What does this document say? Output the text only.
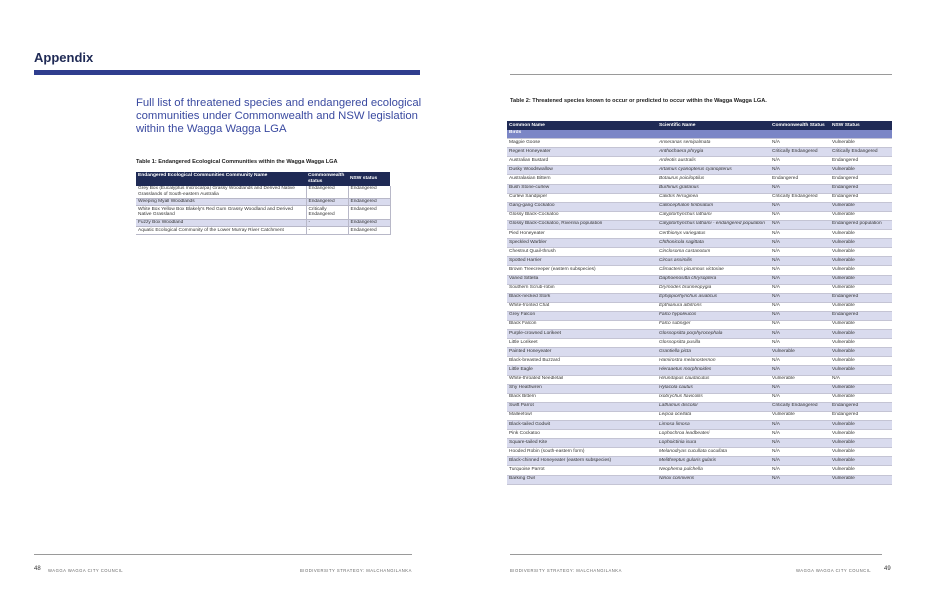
Appendix
Full list of threatened species and endangered ecological communities under Commonwealth and NSW legislation within the Wagga Wagga LGA
Table 1: Endangered Ecological Communities within the Wagga Wagga LGA
Endangered Ecological Communities Community Name	Commonwealth status	NSW status
Grey Box (Eucalyptus microcarpa) Grassy Woodlands and Derived Native Grasslands of South-eastern Australia	Endangered	Endangered
Weeping Myall Woodlands	Endangered	Endangered
White Box Yellow Box Blakely's Red Gum Grassy Woodland and Derived Native Grassland	Critically Endangered	Endangered
Fuzzy Box Woodland	-	Endangered
Aquatic Ecological Community of the Lower Murray River Catchment	-	Endangered
Table 2: Threatened species known to occur or predicted to occur within the Wagga Wagga LGA.
Common Name	Scientific Name	Commonwealth Status	NSW Status
Birds			
Magpie Goose	Anseranas semipalmata	N/A	Vulnerable
Regent Honeyeater	Anthochaera phrygia	Critically Endangered	Critically Endangered
Australian Bustard	Ardeotis australis	N/A	Endangered
Dusky Woodswallow	Artamus cyanopterus cyanopterus	N/A	Vulnerable
Australasian Bittern	Botaurus poiciloptilus	Endangered	Endangered
Bush Stone-curlew	Burhinus grallarius	N/A	Endangered
Curlew Sandpiper	Calidris ferruginea	Critically Endangered	Endangered
Gang-gang Cockatoo	Callocephalon fimbriatum	N/A	Vulnerable
Glossy Black-Cockatoo	Calyptorhynchus lathami	N/A	Vulnerable
Glossy Black-Cockatoo, Riverina population	Calyptorhynchus lathami - endangered population	N/A	Endangered population
Pied Honeyeater	Certhionyx variegatus	N/A	Vulnerable
Speckled Warbler	Chthonicola sagittata	N/A	Vulnerable
Chestnut Quail-thrush	Cinclosoma castanotum	N/A	Vulnerable
Spotted Harrier	Circus assimilis	N/A	Vulnerable
Brown Treecreeper (eastern subspecies)	Climacteris picumnus victoriae	N/A	Vulnerable
Varied Sittella	Daphoenositta chrysoptera	N/A	Vulnerable
Southern Scrub-robin	Drymodes brunneopygia	N/A	Vulnerable
Black-necked Stork	Ephippiorhynchus asiaticus	N/A	Endangered
White-fronted Chat	Epthianura albifrons	N/A	Vulnerable
Grey Falcon	Falco hypoleucos	N/A	Endangered
Black Falcon	Falco subniger	N/A	Vulnerable
Purple-crowned Lorikeet	Glossopsitta porphyrocephala	N/A	Vulnerable
Little Lorikeet	Glossopsitta pusilla	N/A	Vulnerable
Painted Honeyeater	Grantiella picta	Vulnerable	Vulnerable
Black-breasted Buzzard	Hamirostra melanosternon	N/A	Vulnerable
Little Eagle	Hieraaetus morphnoides	N/A	Vulnerable
White-throated Needletail	Hirundapus caudacutus	Vulnerable	N/A
Shy Heathwren	Hylacola cautus	N/A	Vulnerable
Black Bittern	Ixobrychus flavicollis	N/A	Vulnerable
Swift Parrot	Lathamus discolor	Critically Endangered	Endangered
Malleefowl	Leipoa ocellata	Vulnerable	Endangered
Black-tailed Godwit	Limosa limosa	N/A	Vulnerable
Pink Cockatoo	Lophochroa leadbeateri	N/A	Vulnerable
Square-tailed Kite	Lophoictinia isura	N/A	Vulnerable
Hooded Robin (south-eastern form)	Melanodryas cucullata cucullata	N/A	Vulnerable
Black-chinned Honeyeater (eastern subspecies)	Melithreptus gularis gularis	N/A	Vulnerable
Turquoise Parrot	Neophema pulchella	N/A	Vulnerable
Barking Owl	Ninox connivens	N/A	Vulnerable
48 WAGGA WAGGA CITY COUNCIL	BIODIVERSITY STRATEGY: MALCHANGILANKA	BIODIVERSITY STRATEGY: MALCHANGILANKA	WAGGA WAGGA CITY COUNCIL 49
